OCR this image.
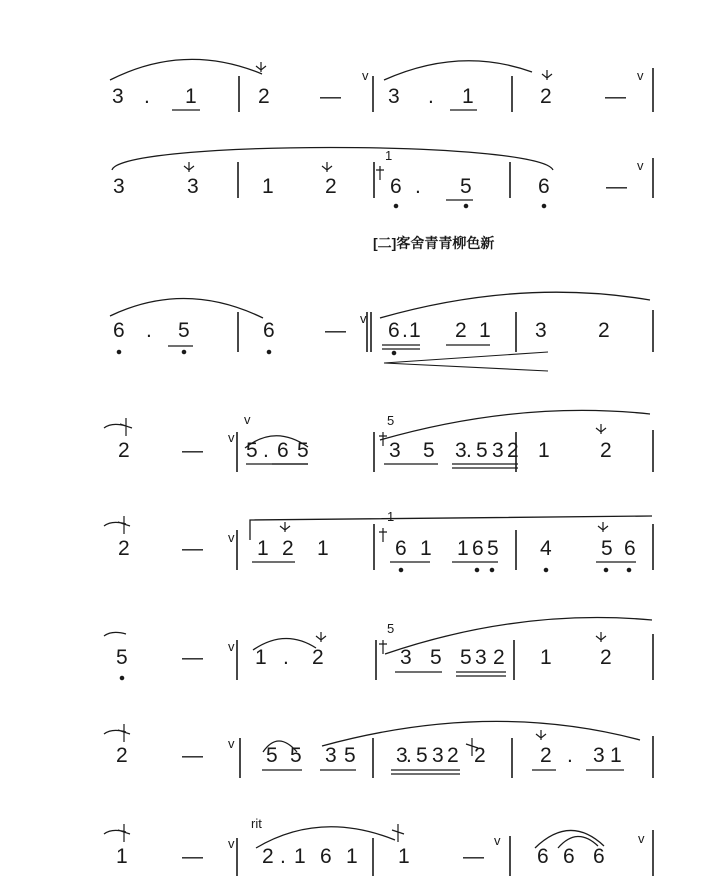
[二]客舍青青柳色新
rit
3 . 1	2 — 3 . 1	2	—
3	3	1 2	6 . 5	6	—
6 . 5	6 — 6 . 1 2 1 3 2
2 — 5 . 6 5	3 5 3 . 5 3 2 1 2
2 —	1 2 1	6 1 1 6 5 4 5 6
5	— 1 . 2	3 5 5 3 2 1 2
2	—	5 5 3 5 3
. 5 3 2 2	2 . 3 1
1	—	2 . 1 6 1 1	—	6 6 6
v	v
v
v
v
v
v
v
v
v	v	v
1
5
1
5
